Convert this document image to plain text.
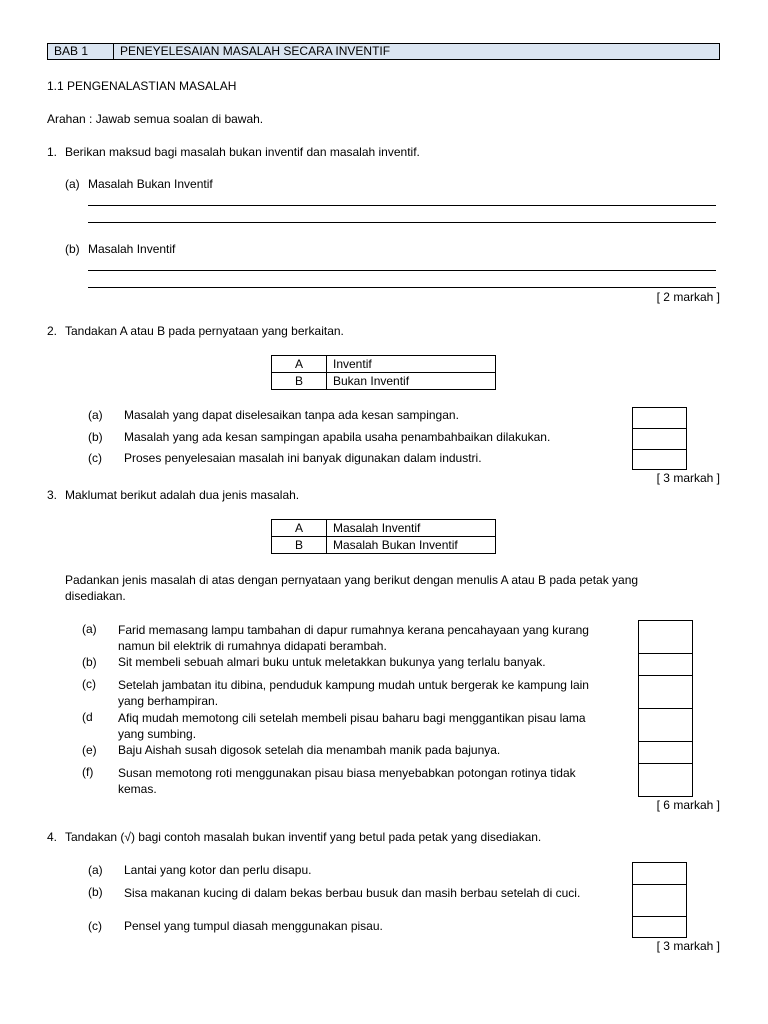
BAB 1	PENEYELESAIAN MASALAH SECARA INVENTIF
1.1 PENGENALASTIAN MASALAH
Arahan : Jawab semua soalan di bawah.
1. Berikan maksud bagi masalah bukan inventif dan masalah inventif.
(a) Masalah Bukan Inventif
(b) Masalah Inventif
[ 2 markah ]
2. Tandakan A atau B pada pernyataan yang berkaitan.
A	Inventif
B	Bukan Inventif
(a) Masalah yang dapat diselesaikan tanpa ada kesan sampingan.
(b) Masalah yang ada kesan sampingan apabila usaha penambahbaikan dilakukan.
(c) Proses penyelesaian masalah ini banyak digunakan dalam industri.
[ 3 markah ]
3. Maklumat berikut adalah dua jenis masalah.
A	Masalah Inventif
B	Masalah Bukan Inventif
Padankan jenis masalah di atas dengan pernyataan yang berikut dengan menulis A atau B pada petak yang disediakan.
(a) Farid memasang lampu tambahan di dapur rumahnya kerana pencahayaan yang kurang namun bil elektrik di rumahnya didapati berambah.
(b) Sit membeli sebuah almari buku untuk meletakkan bukunya yang terlalu banyak.
(c) Setelah jambatan itu dibina, penduduk kampung mudah untuk bergerak ke kampung lain yang berhampiran.
(d Afiq mudah memotong cili setelah membeli pisau baharu bagi menggantikan pisau lama yang sumbing.
(e) Baju Aishah susah digosok setelah dia menambah manik pada bajunya.
(f) Susan memotong roti menggunakan pisau biasa menyebabkan potongan rotinya tidak kemas.
[ 6 markah ]
4. Tandakan (√) bagi contoh masalah bukan inventif yang betul pada petak yang disediakan.
(a) Lantai yang kotor dan perlu disapu.
(b) Sisa makanan kucing di dalam bekas berbau busuk dan masih berbau setelah di cuci.
(c) Pensel yang tumpul diasah menggunakan pisau.
[ 3 markah ]
